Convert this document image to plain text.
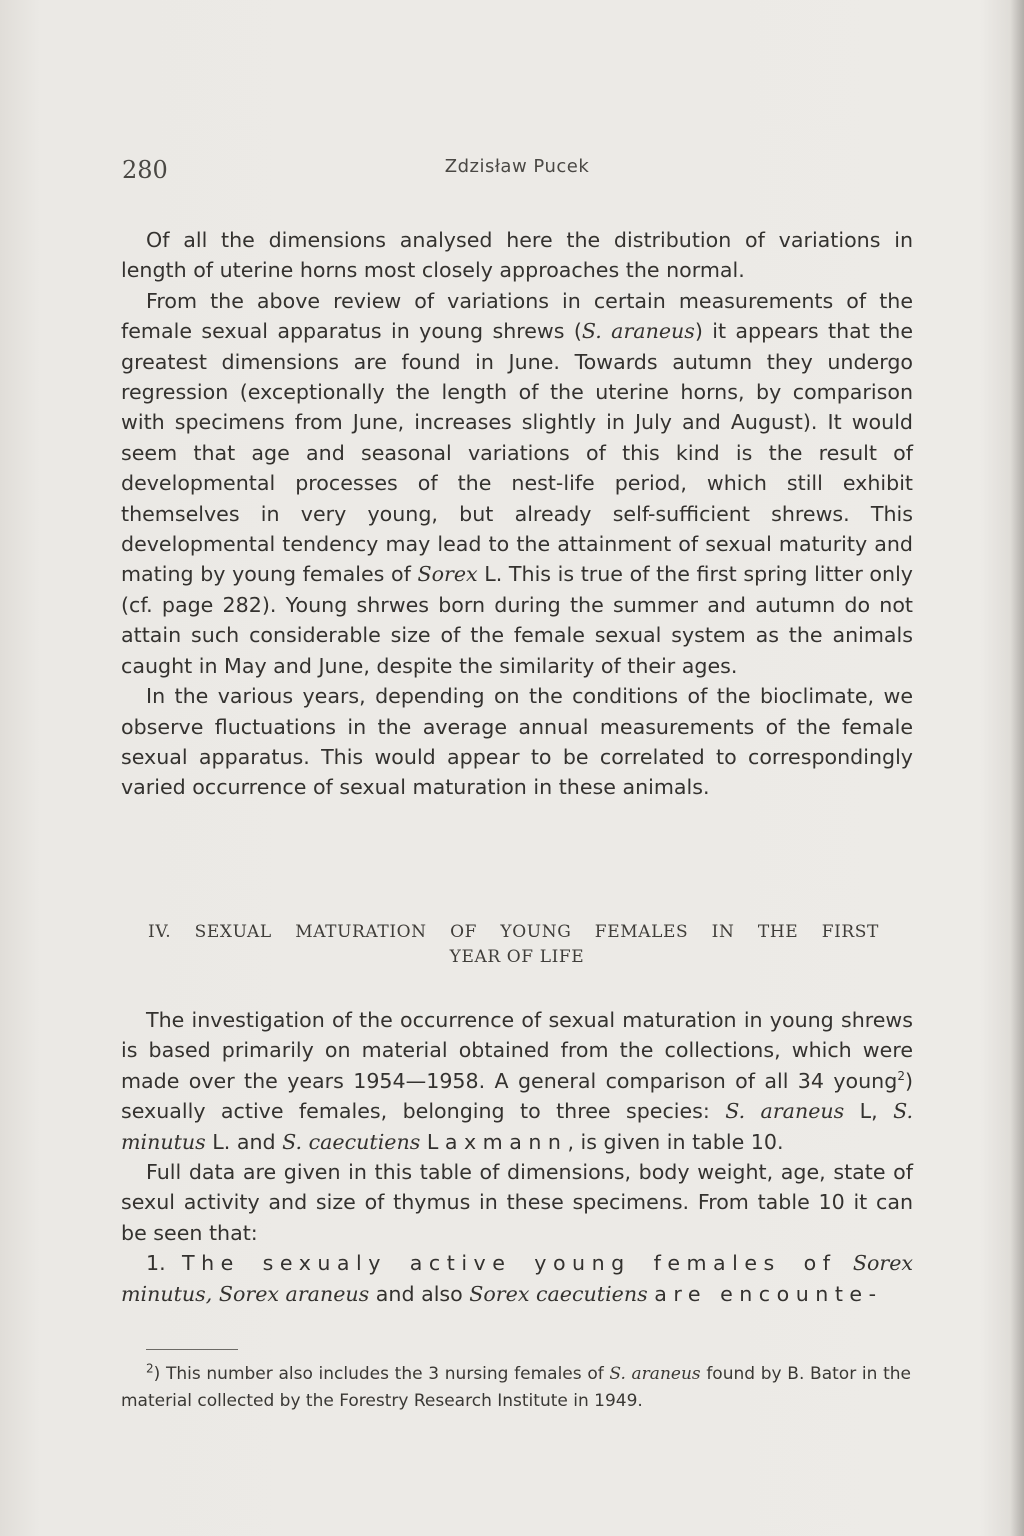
280	Zdzisław Pucek

Of all the dimensions analysed here the distribution of variations in length of uterine horns most closely approaches the normal.

From the above review of variations in certain measurements of the female sexual apparatus in young shrews (S. araneus) it appears that the greatest dimensions are found in June. Towards autumn they undergo regression (exceptionally the length of the uterine horns, by comparison with specimens from June, increases slightly in July and August). It would seem that age and seasonal variations of this kind is the result of developmental processes of the nest-life period, which still exhibit themselves in very young, but already self-sufficient shrews. This developmental tendency may lead to the attainment of sexual maturity and mating by young females of Sorex L. This is true of the first spring litter only (cf. page 282). Young shrwes born during the summer and autumn do not attain such considerable size of the female sexual system as the animals caught in May and June, despite the similarity of their ages.

In the various years, depending on the conditions of the bioclimate, we observe fluctuations in the average annual measurements of the female sexual apparatus. This would appear to be correlated to correspondingly varied occurrence of sexual maturation in these animals.

IV. SEXUAL MATURATION OF YOUNG FEMALES IN THE FIRST
YEAR OF LIFE

The investigation of the occurrence of sexual maturation in young shrews is based primarily on material obtained from the collections, which were made over the years 1954—1958. A general comparison of all 34 young$^2$) sexually active females, belonging to three species: S. araneus L, S. minutus L. and S. caecutiens Laxmann, is given in table 10.

Full data are given in this table of dimensions, body weight, age, state of sexul activity and size of thymus in these specimens. From table 10 it can be seen that:

1. The sexualy active young females of Sorex minutus, Sorex araneus and also Sorex caecutiens are encounte-

$^2$) This number also includes the 3 nursing females of S. araneus found by B. Bator in the material collected by the Forestry Research Institute in 1949.
